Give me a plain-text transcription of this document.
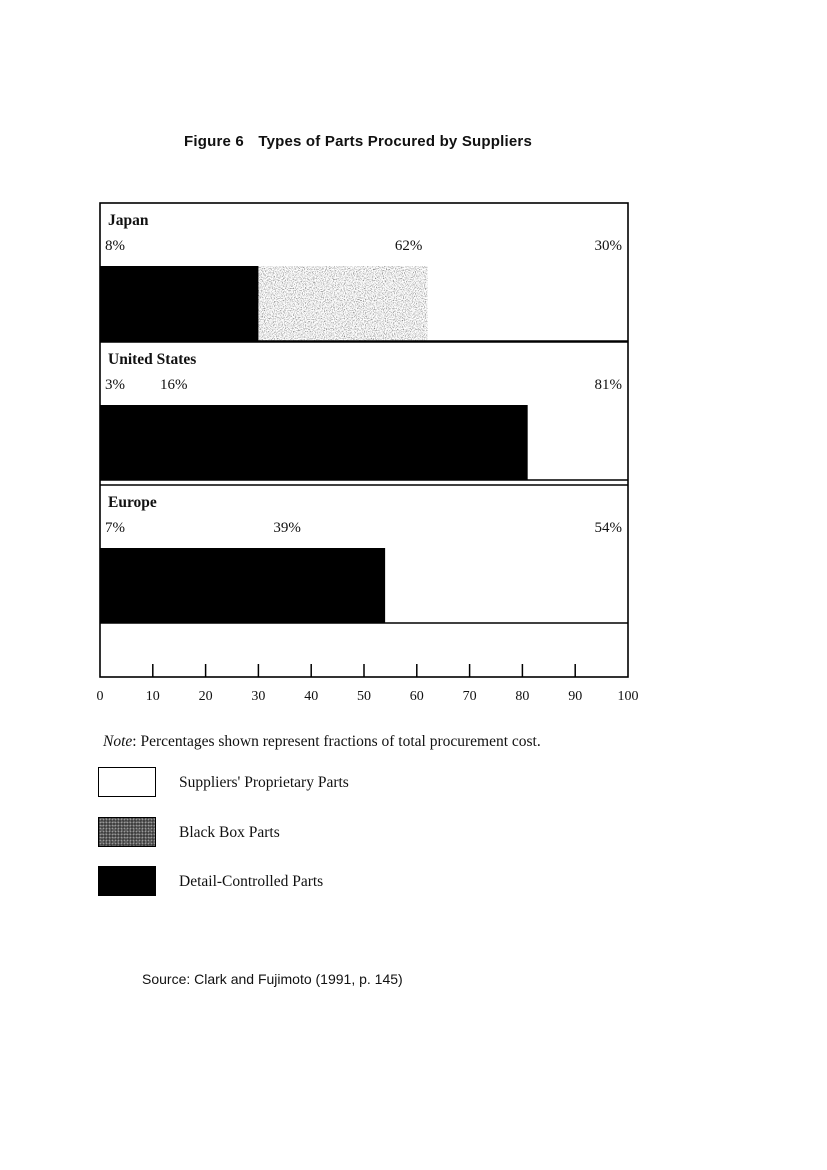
Figure 6 Types of Parts Procured by Suppliers
Japan
8%	62%	30%
United States
3% 16%	81%
Europe
7%	39%	54%
0	10	20	30	40	50	60	70	80	90	100
Note: Percentages shown represent fractions of total procurement cost.
Suppliers' Proprietary Parts
Black Box Parts
Detail-Controlled Parts
Source: Clark and Fujimoto (1991, p. 145)
